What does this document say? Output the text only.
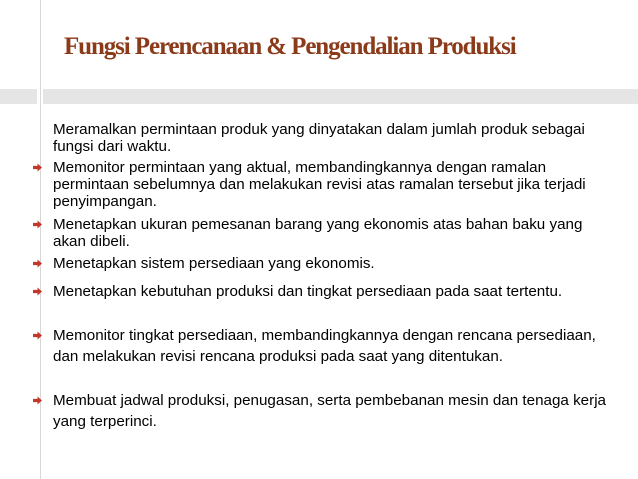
Fungsi Perencanaan & Pengendalian Produksi
Meramalkan permintaan produk yang dinyatakan dalam jumlah produk sebagai fungsi dari waktu.
Memonitor permintaan yang aktual, membandingkannya dengan ramalan permintaan sebelumnya dan melakukan revisi atas ramalan tersebut jika terjadi penyimpangan.
Menetapkan ukuran pemesanan barang yang ekonomis atas bahan baku yang akan dibeli.
Menetapkan sistem persediaan yang ekonomis.
Menetapkan kebutuhan produksi dan tingkat persediaan pada saat tertentu.
Memonitor tingkat persediaan, membandingkannya dengan rencana persediaan, dan melakukan revisi rencana produksi pada saat yang ditentukan.
Membuat jadwal produksi, penugasan, serta pembebanan mesin dan tenaga kerja yang terperinci.
